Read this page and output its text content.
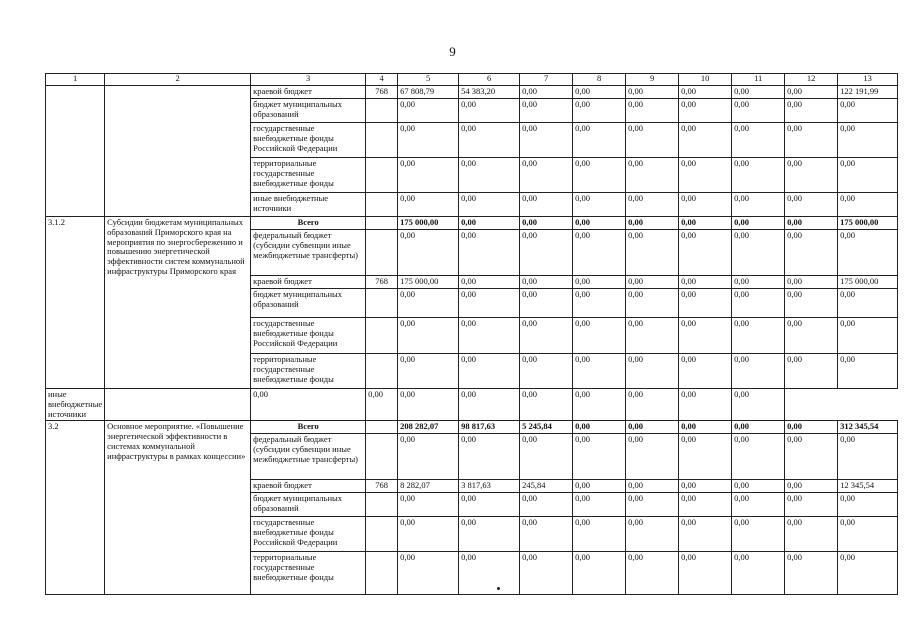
9
1	2	3	4	5	6	7	8	9	10	11	12	13
		краевой бюджет	768	67 808,79	54 383,20	0,00	0,00	0,00	0,00	0,00	0,00	122 191,99
		бюджет муниципальных образований		0,00	0,00	0,00	0,00	0,00	0,00	0,00	0,00	0,00
		государственные внебюджетные фонды Российской Федерации		0,00	0,00	0,00	0,00	0,00	0,00	0,00	0,00	0,00
		территориальные государственные внебюджетные фонды		0,00	0,00	0,00	0,00	0,00	0,00	0,00	0,00	0,00
		иные внебюджетные источники		0,00	0,00	0,00	0,00	0,00	0,00	0,00	0,00	0,00
3.1.2	Субсидии бюджетам муниципальных образований Приморского края на мероприятия по энергосбережению и повышению энергетической эффективности систем коммунальной инфраструктуры Приморского края	Всего		175 000,00	0,00	0,00	0,00	0,00	0,00	0,00	0,00	175 000,00
		федеральный бюджет (субсидии субвенции иные межбюджетные трансферты)		0,00	0,00	0,00	0,00	0,00	0,00	0,00	0,00	0,00
		краевой бюджет	768	175 000,00	0,00	0,00	0,00	0,00	0,00	0,00	0,00	175 000,00
		бюджет муниципальных образований		0,00	0,00	0,00	0,00	0,00	0,00	0,00	0,00	0,00
		государственные внебюджетные фонды Российской Федерации		0,00	0,00	0,00	0,00	0,00	0,00	0,00	0,00	0,00
		территориальные государственные внебюджетные фонды		0,00	0,00	0,00	0,00	0,00	0,00	0,00	0,00	0,00
иные внебюджетные источники		0,00	0,00	0,00	0,00	0,00	0,00	0,00	0,00	0,00		
3.2	Основное мероприятие. «Повышение энергетической эффективности в системах коммунальной инфраструктуры в рамках концессии»	Всего		208 282,07	98 817,63	5 245,84	0,00	0,00	0,00	0,00	0,00	312 345,54
		федеральный бюджет (субсидии субвенции иные межбюджетные трансферты)		0,00	0,00	0,00	0,00	0,00	0,00	0,00	0,00	0,00
		краевой бюджет	768	8 282,07	3 817,63	245,84	0,00	0,00	0,00	0,00	0,00	12 345,54
		бюджет муниципальных образований		0,00	0,00	0,00	0,00	0,00	0,00	0,00	0,00	0,00
		государственные внебюджетные фонды Российской Федерации		0,00	0,00	0,00	0,00	0,00	0,00	0,00	0,00	0,00
		территориальные государственные внебюджетные фонды		0,00	0,00	0,00	0,00	0,00	0,00	0,00	0,00	0,00
